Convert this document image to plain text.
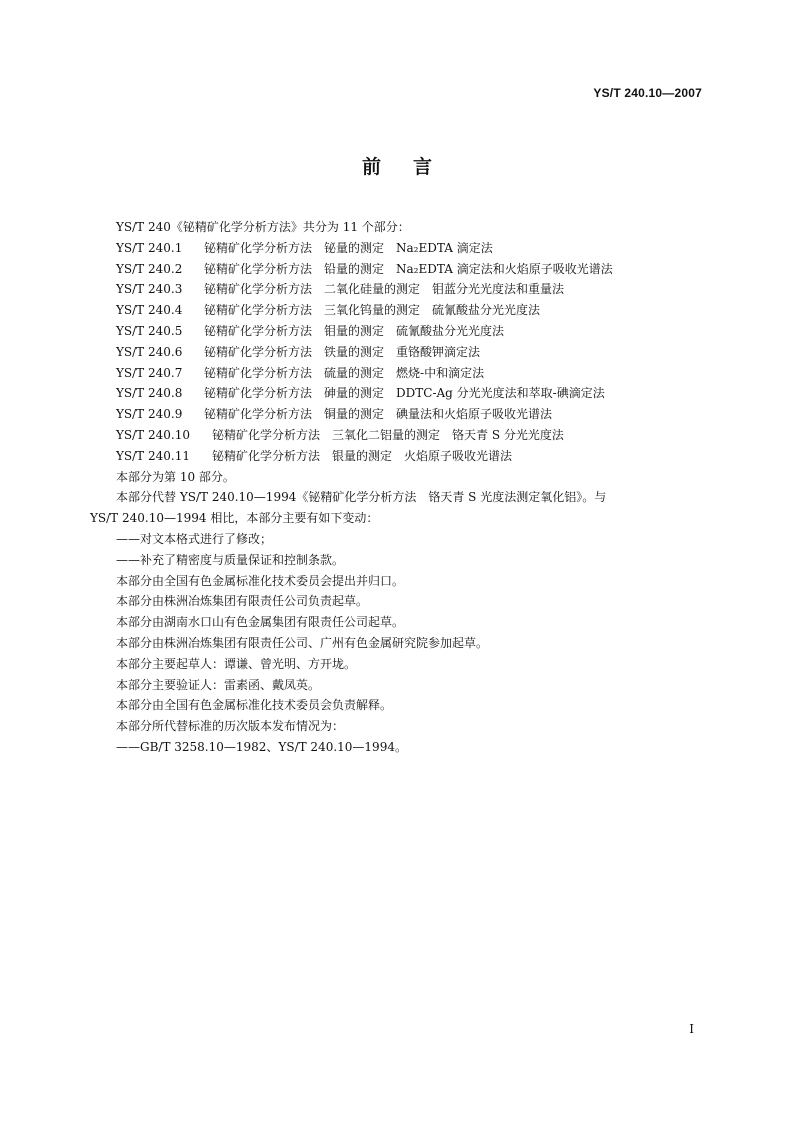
YS/T 240.10—2007
前言
YS/T 240《铋精矿化学分析方法》共分为 11 个部分：
YS/T 240.1 铋精矿化学分析方法 铋量的测定 Na₂EDTA 滴定法
YS/T 240.2 铋精矿化学分析方法 铅量的测定 Na₂EDTA 滴定法和火焰原子吸收光谱法
YS/T 240.3 铋精矿化学分析方法 二氧化硅量的测定 钼蓝分光光度法和重量法
YS/T 240.4 铋精矿化学分析方法 三氧化钨量的测定 硫氰酸盐分光光度法
YS/T 240.5 铋精矿化学分析方法 钼量的测定 硫氰酸盐分光光度法
YS/T 240.6 铋精矿化学分析方法 铁量的测定 重铬酸钾滴定法
YS/T 240.7 铋精矿化学分析方法 硫量的测定 燃烧-中和滴定法
YS/T 240.8 铋精矿化学分析方法 砷量的测定 DDTC-Ag 分光光度法和萃取-碘滴定法
YS/T 240.9 铋精矿化学分析方法 铜量的测定 碘量法和火焰原子吸收光谱法
YS/T 240.10 铋精矿化学分析方法 三氧化二铝量的测定 铬天青 S 分光光度法
YS/T 240.11 铋精矿化学分析方法 银量的测定 火焰原子吸收光谱法
本部分为第 10 部分。
本部分代替 YS/T 240.10—1994《铋精矿化学分析方法　铬天青 S 光度法测定氧化铝》。与
YS/T 240.10—1994 相比，本部分主要有如下变动：
——对文本格式进行了修改；
——补充了精密度与质量保证和控制条款。
本部分由全国有色金属标准化技术委员会提出并归口。
本部分由株洲冶炼集团有限责任公司负责起草。
本部分由湖南水口山有色金属集团有限责任公司起草。
本部分由株洲冶炼集团有限责任公司、广州有色金属研究院参加起草。
本部分主要起草人：谭谦、曾光明、方开垅。
本部分主要验证人：雷素函、戴凤英。
本部分由全国有色金属标准化技术委员会负责解释。
本部分所代替标准的历次版本发布情况为：
——GB/T 3258.10—1982、YS/T 240.10—1994。
I
